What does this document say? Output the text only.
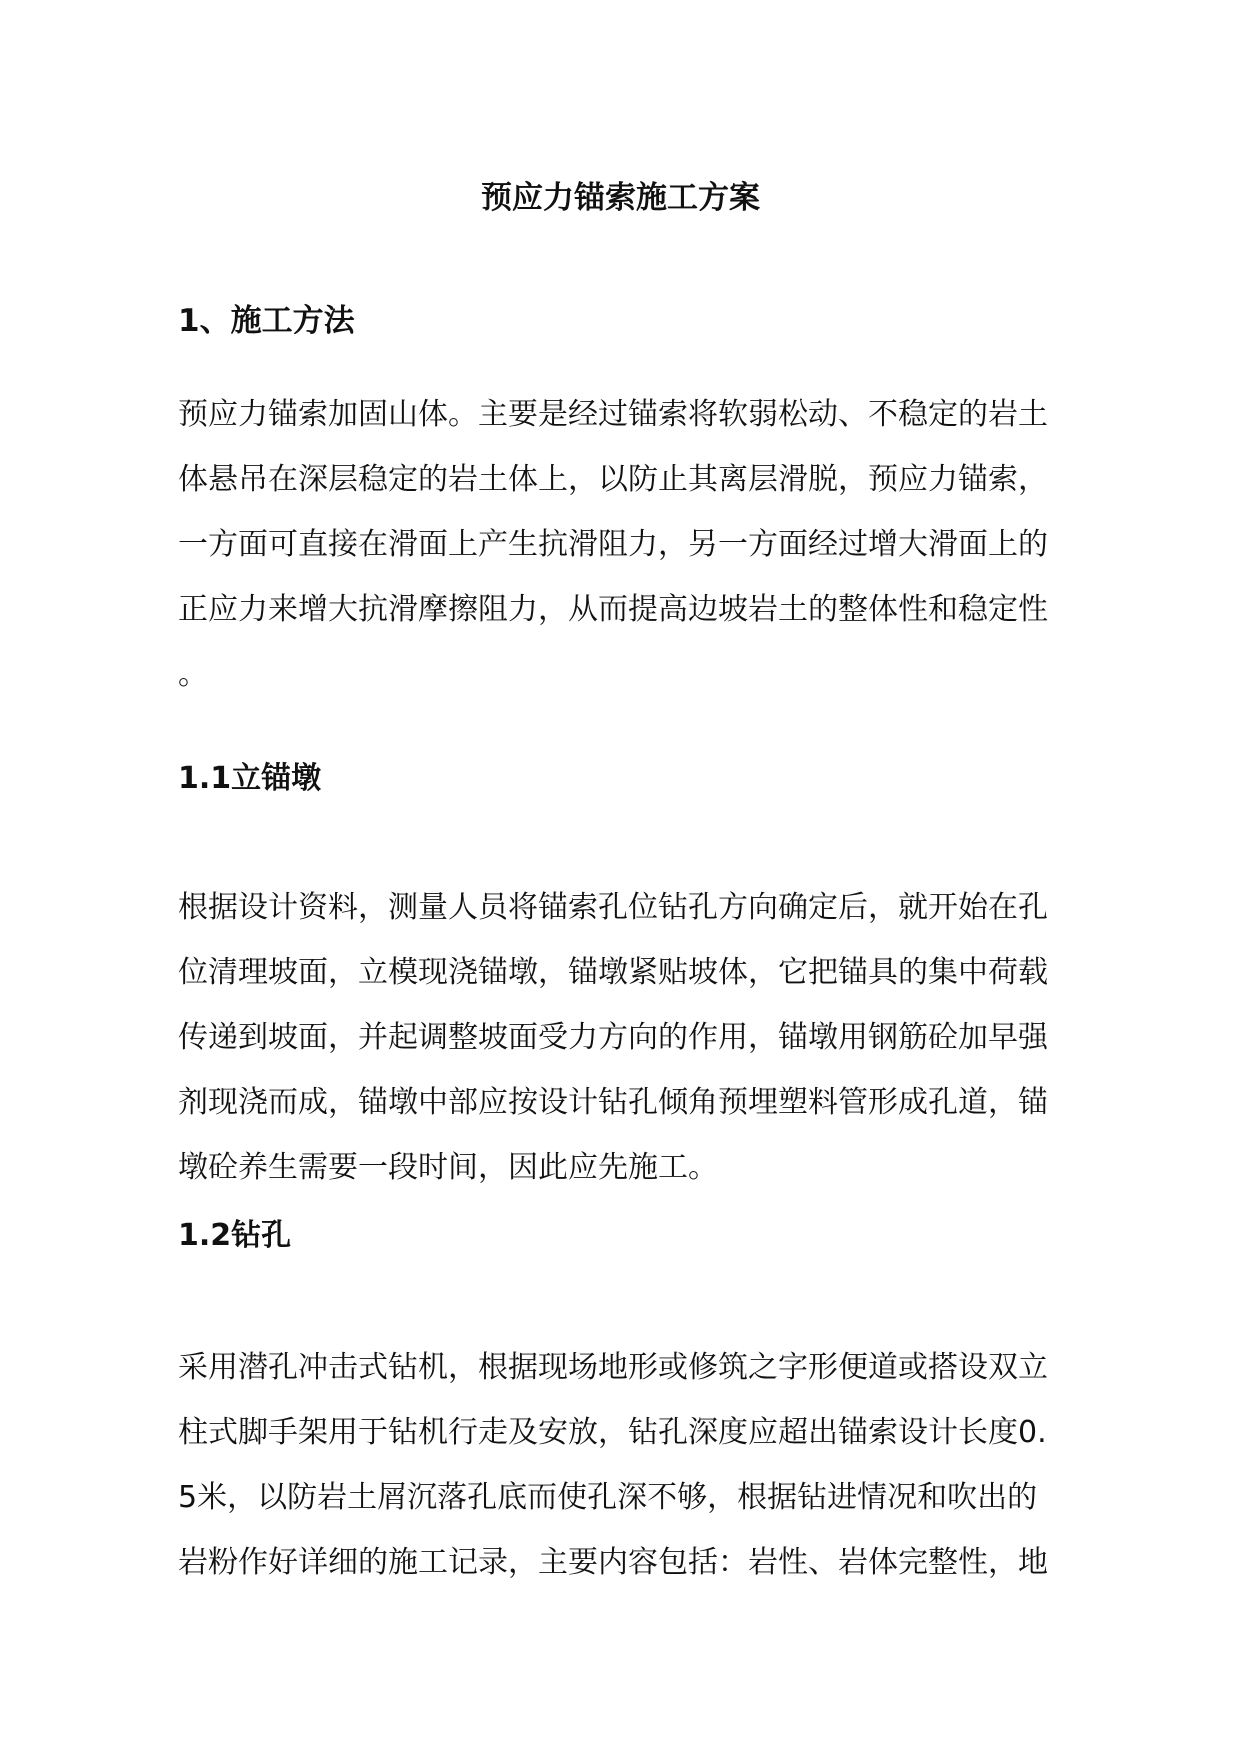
预应力锚索施工方案
1、施工方法
预应力锚索加固山体。主要是经过锚索将软弱松动、不稳定的岩土
体悬吊在深层稳定的岩土体上，以防止其离层滑脱，预应力锚索，
一方面可直接在滑面上产生抗滑阻力，另一方面经过增大滑面上的
正应力来增大抗滑摩擦阻力，从而提高边坡岩土的整体性和稳定性
。
1.1立锚墩
根据设计资料，测量人员将锚索孔位钻孔方向确定后，就开始在孔
位清理坡面，立模现浇锚墩，锚墩紧贴坡体，它把锚具的集中荷载
传递到坡面，并起调整坡面受力方向的作用，锚墩用钢筋砼加早强
剂现浇而成，锚墩中部应按设计钻孔倾角预埋塑料管形成孔道，锚
墩砼养生需要一段时间，因此应先施工。
1.2钻孔
采用潜孔冲击式钻机，根据现场地形或修筑之字形便道或搭设双立
柱式脚手架用于钻机行走及安放，钻孔深度应超出锚索设计长度0.
5米，以防岩土屑沉落孔底而使孔深不够，根据钻进情况和吹出的
岩粉作好详细的施工记录，主要内容包括：岩性、岩体完整性，地
